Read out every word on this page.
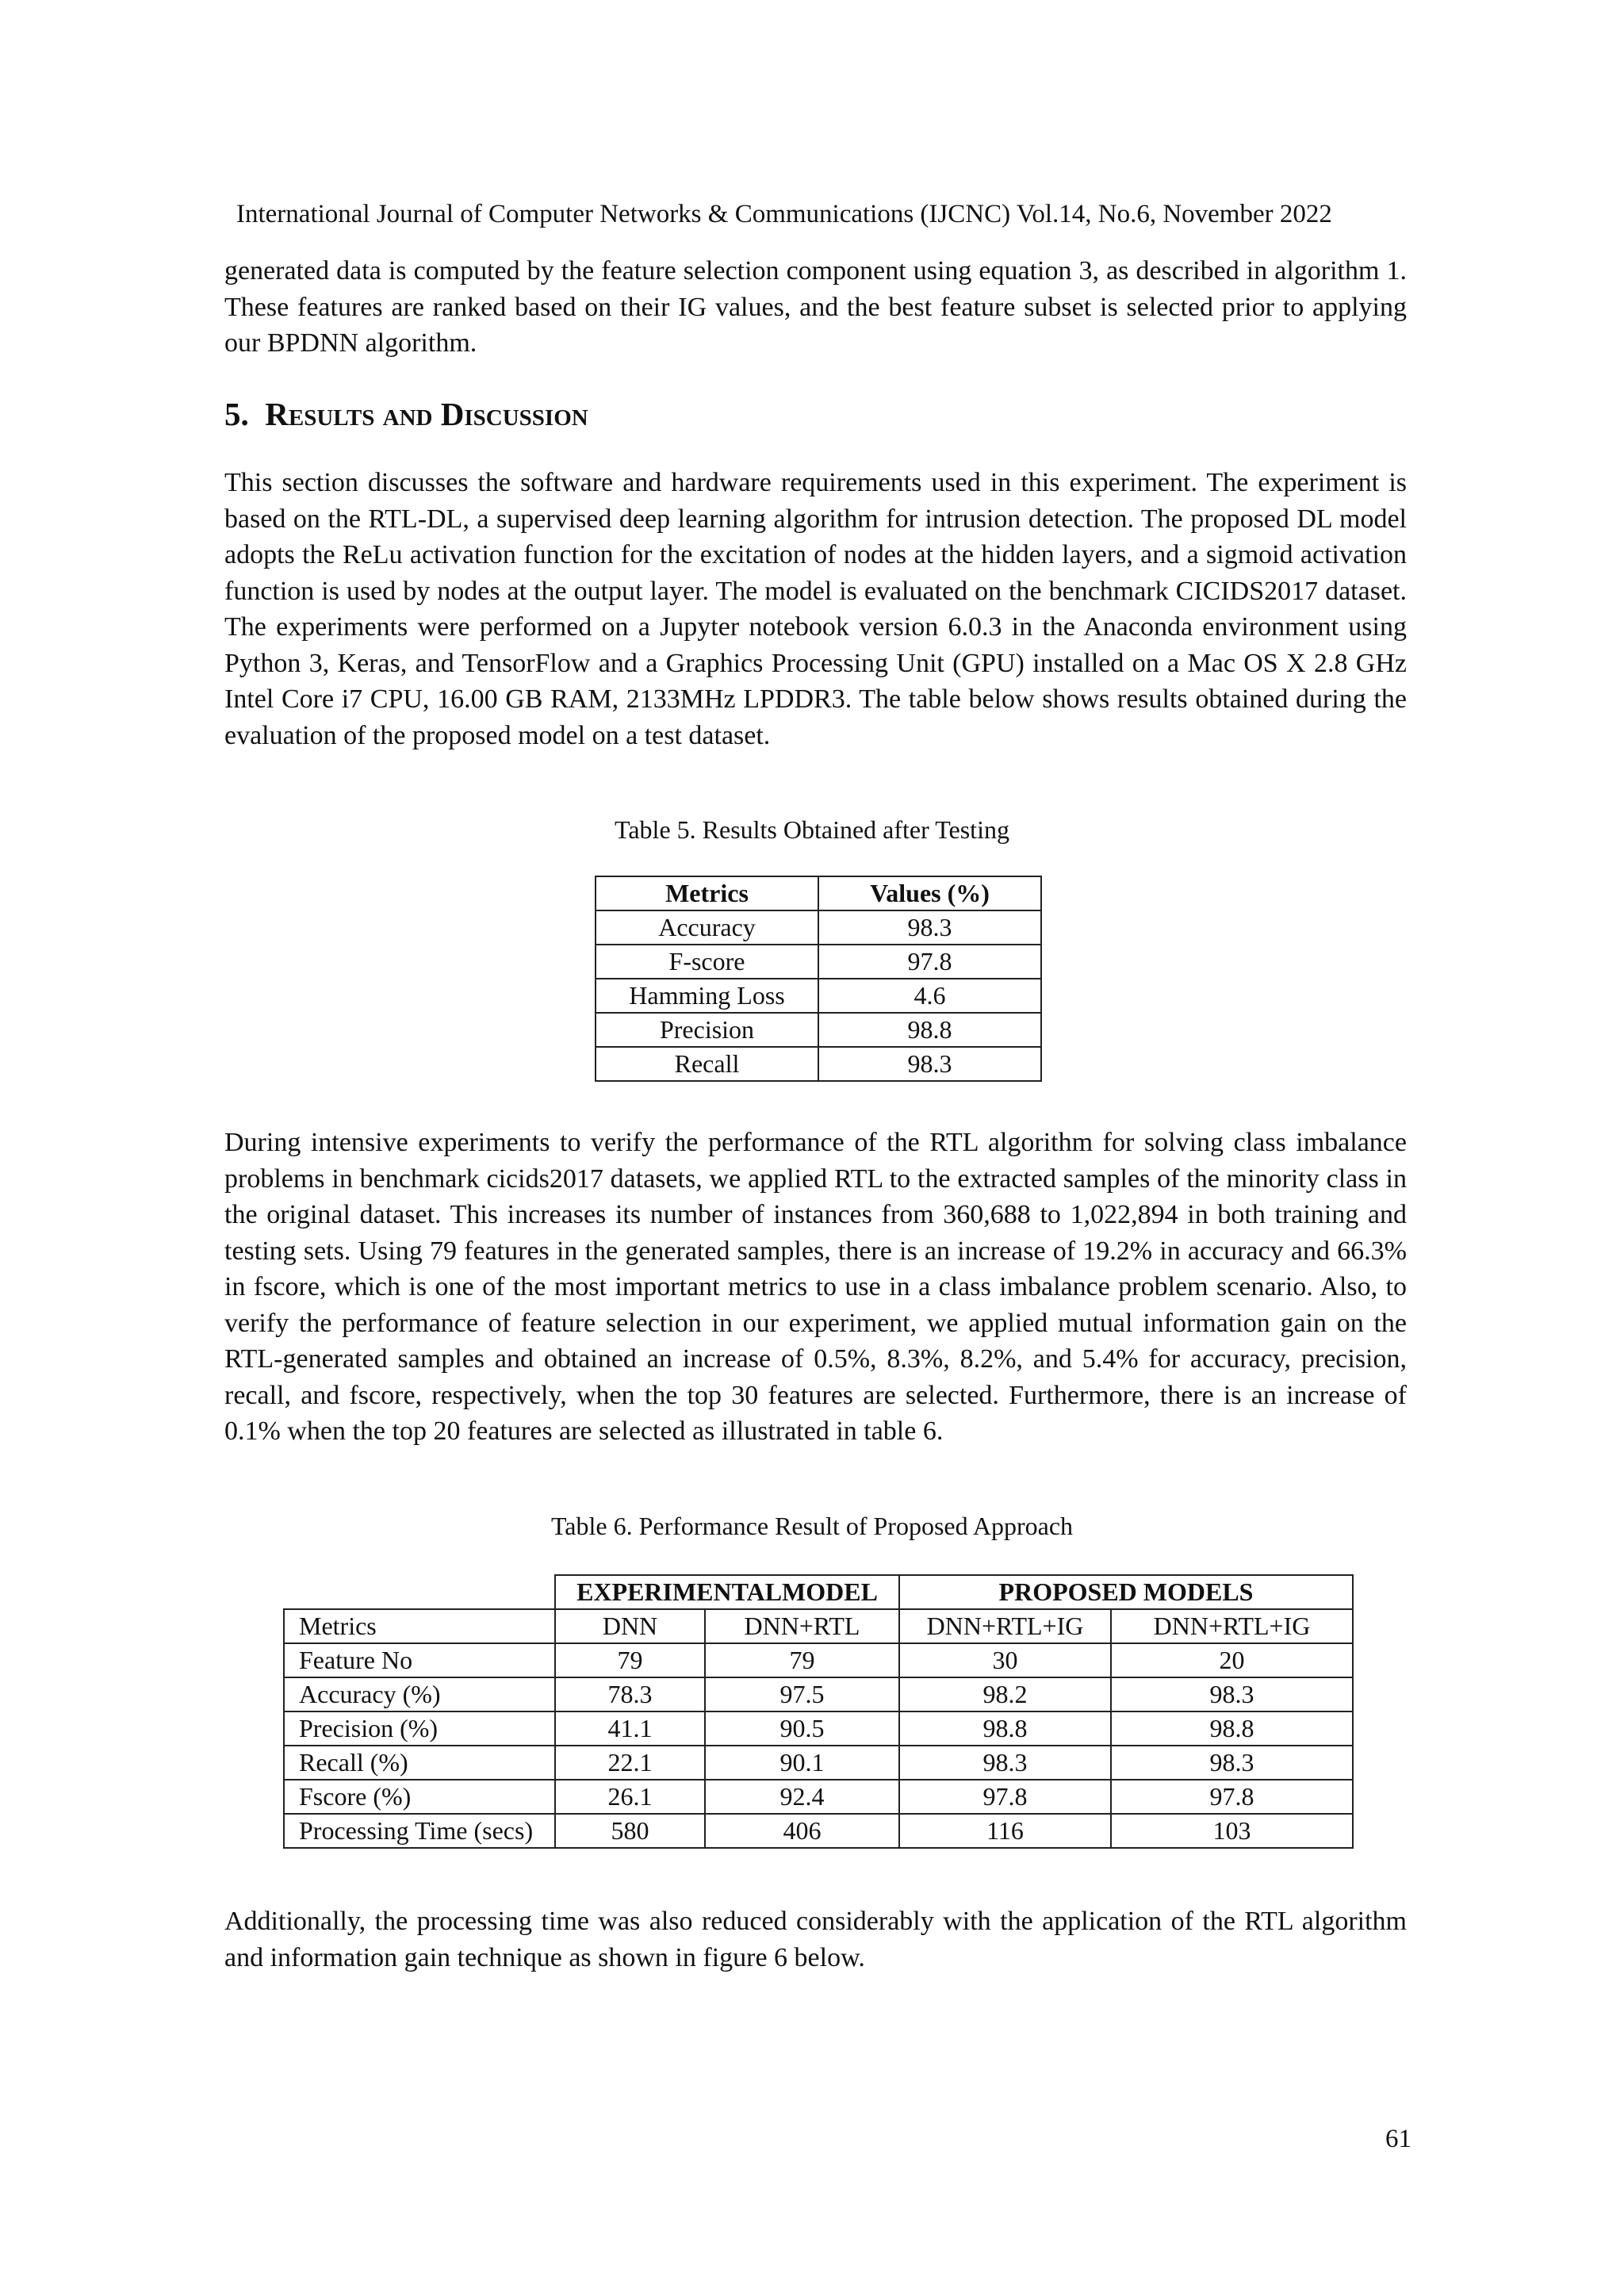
International Journal of Computer Networks & Communications (IJCNC) Vol.14, No.6, November 2022

generated data is computed by the feature selection component using equation 3, as described in algorithm 1. These features are ranked based on their IG values, and the best feature subset is selected prior to applying our BPDNN algorithm.

5. Results and Discussion

This section discusses the software and hardware requirements used in this experiment. The experiment is based on the RTL-DL, a supervised deep learning algorithm for intrusion detection. The proposed DL model adopts the ReLu activation function for the excitation of nodes at the hidden layers, and a sigmoid activation function is used by nodes at the output layer. The model is evaluated on the benchmark CICIDS2017 dataset. The experiments were performed on a Jupyter notebook version 6.0.3 in the Anaconda environment using Python 3, Keras, and TensorFlow and a Graphics Processing Unit (GPU) installed on a Mac OS X 2.8 GHz Intel Core i7 CPU, 16.00 GB RAM, 2133MHz LPDDR3. The table below shows results obtained during the evaluation of the proposed model on a test dataset.

Table 5. Results Obtained after Testing
Metrics	Values (%)
Accuracy	98.3
F-score	97.8
Hamming Loss	4.6
Precision	98.8
Recall	98.3

During intensive experiments to verify the performance of the RTL algorithm for solving class imbalance problems in benchmark cicids2017 datasets, we applied RTL to the extracted samples of the minority class in the original dataset. This increases its number of instances from 360,688 to 1,022,894 in both training and testing sets. Using 79 features in the generated samples, there is an increase of 19.2% in accuracy and 66.3% in fscore, which is one of the most important metrics to use in a class imbalance problem scenario. Also, to verify the performance of feature selection in our experiment, we applied mutual information gain on the RTL-generated samples and obtained an increase of 0.5%, 8.3%, 8.2%, and 5.4% for accuracy, precision, recall, and fscore, respectively, when the top 30 features are selected. Furthermore, there is an increase of 0.1% when the top 20 features are selected as illustrated in table 6.

Table 6. Performance Result of Proposed Approach
	EXPERIMENTALMODEL		PROPOSED MODELS	
Metrics	DNN	DNN+RTL	DNN+RTL+IG	DNN+RTL+IG
Feature No	79	79	30	20
Accuracy (%)	78.3	97.5	98.2	98.3
Precision (%)	41.1	90.5	98.8	98.8
Recall (%)	22.1	90.1	98.3	98.3
Fscore (%)	26.1	92.4	97.8	97.8
Processing Time (secs)	580	406	116	103

Additionally, the processing time was also reduced considerably with the application of the RTL algorithm and information gain technique as shown in figure 6 below.

61
